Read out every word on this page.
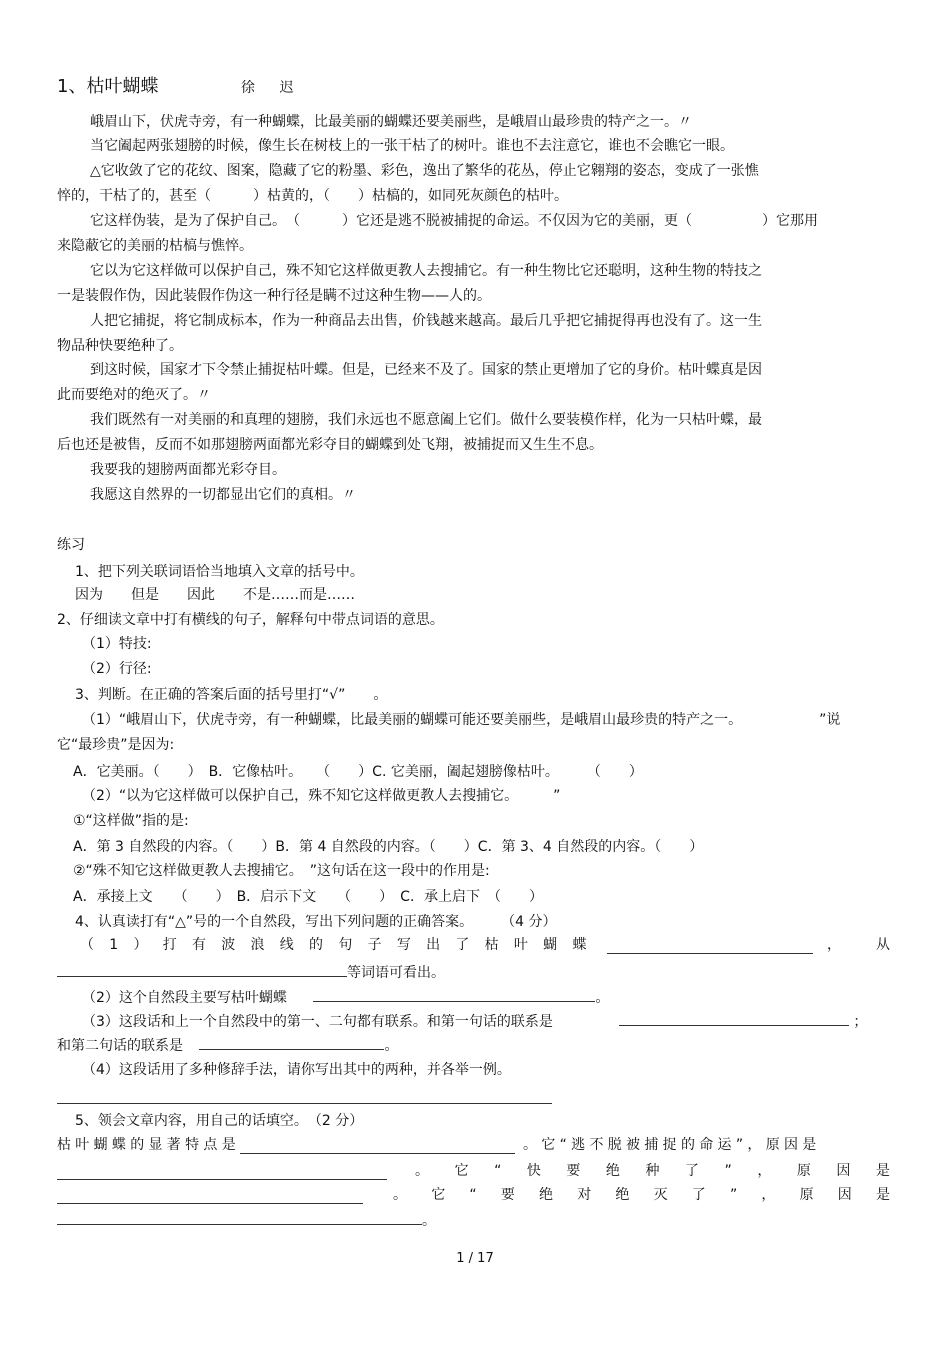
1、枯叶蝴蝶	徐 迟
峨眉山下，伏虎寺旁，有一种蝴蝶，比最美丽的蝴蝶还要美丽些，是峨眉山最珍贵的特产之一。〃
当它阖起两张翅膀的时候，像生长在树枝上的一张干枯了的树叶。谁也不去注意它，谁也不会瞧它一眼。
△它收敛了它的花纹、图案，隐藏了它的粉墨、彩色，逸出了繁华的花丛，停止它翱翔的姿态，变成了一张憔
悴的，干枯了的，甚至（　　　）枯黄的，（　　）枯槁的，如同死灰颜色的枯叶。
它这样伪装，是为了保护自己。　（　　　）它还是逃不脱被捕捉的命运。不仅因为它的美丽，更（　　　　　）它那用
来隐蔽它的美丽的枯槁与憔悴。
它以为它这样做可以保护自己，殊不知它这样做更教人去搜捕它。有一种生物比它还聪明，这种生物的特技之
一是装假作伪，因此装假作伪这一种行径是瞒不过这种生物——人的。
人把它捕捉，将它制成标本，作为一种商品去出售，价钱越来越高。最后几乎把它捕捉得再也没有了。这一生
物品种快要绝种了。
到这时候，国家才下令禁止捕捉枯叶蝶。但是，已经来不及了。国家的禁止更增加了它的身价。枯叶蝶真是因
此而要绝对的绝灭了。〃
我们既然有一对美丽的和真理的翅膀，我们永远也不愿意阖上它们。做什么要装模作样，化为一只枯叶蝶，最
后也还是被售，反而不如那翅膀两面都光彩夺目的蝴蝶到处飞翔，被捕捉而又生生不息。
我要我的翅膀两面都光彩夺目。
我愿这自然界的一切都显出它们的真相。〃
练习
1、把下列关联词语恰当地填入文章的括号中。
因为　　但是　　因此　　不是……而是……
2、仔细读文章中打有横线的句子，解释句中带点词语的意思。
（1）特技:
（2）行径:
3、判断。在正确的答案后面的括号里打“√”　　。
（1）“峨眉山下，伏虎寺旁，有一种蝴蝶，比最美丽的蝴蝶可能还要美丽些，是峨眉山最珍贵的特产之一。　　　　　　”说
它“最珍贵”是因为:
A．它美丽。（　　）　B．它像枯叶。　　（　　）C. 它美丽，阖起翅膀像枯叶。　　　（　　）
（2）“以为它这样做可以保护自己，殊不知它这样做更教人去搜捕它。　　　”
①“这样做”指的是:
A．第 3 自然段的内容。（　　）B．第 4 自然段的内容。（　　）C．第 3、4 自然段的内容。（　　）
②“殊不知它这样做更教人去搜捕它。　”这句话在这一段中的作用是:
A．承接上文　　（　　）　B．启示下文　　（　　）　C．承上启下　（　　）
4、认真读打有“△”号的一个自然段，写出下列问题的正确答案。　　　（4 分）
（ 1 ） 打 有 波 浪 线 的 句 子 写 出 了 枯 叶 蝴 蝶	，　　　从
等词语可看出。
（2）这个自然段主要写枯叶蝴蝶	。
（3）这段话和上一个自然段中的第一、二句都有联系。和第一句话的联系是	；
和第二句话的联系是	。
（4）这段话用了多种修辞手法，请你写出其中的两种，并各举一例。
5、领会文章内容，用自己的话填空。　（2 分）
枯叶蝴蝶的显著特点是	。它“逃不脱被捕捉的命运”，原因是
。 它 “ 快 要 绝 种 了 ” ， 原 因 是
。 它 “ 要 绝 对 绝 灭 了 ” ， 原 因 是
。
1 / 17
